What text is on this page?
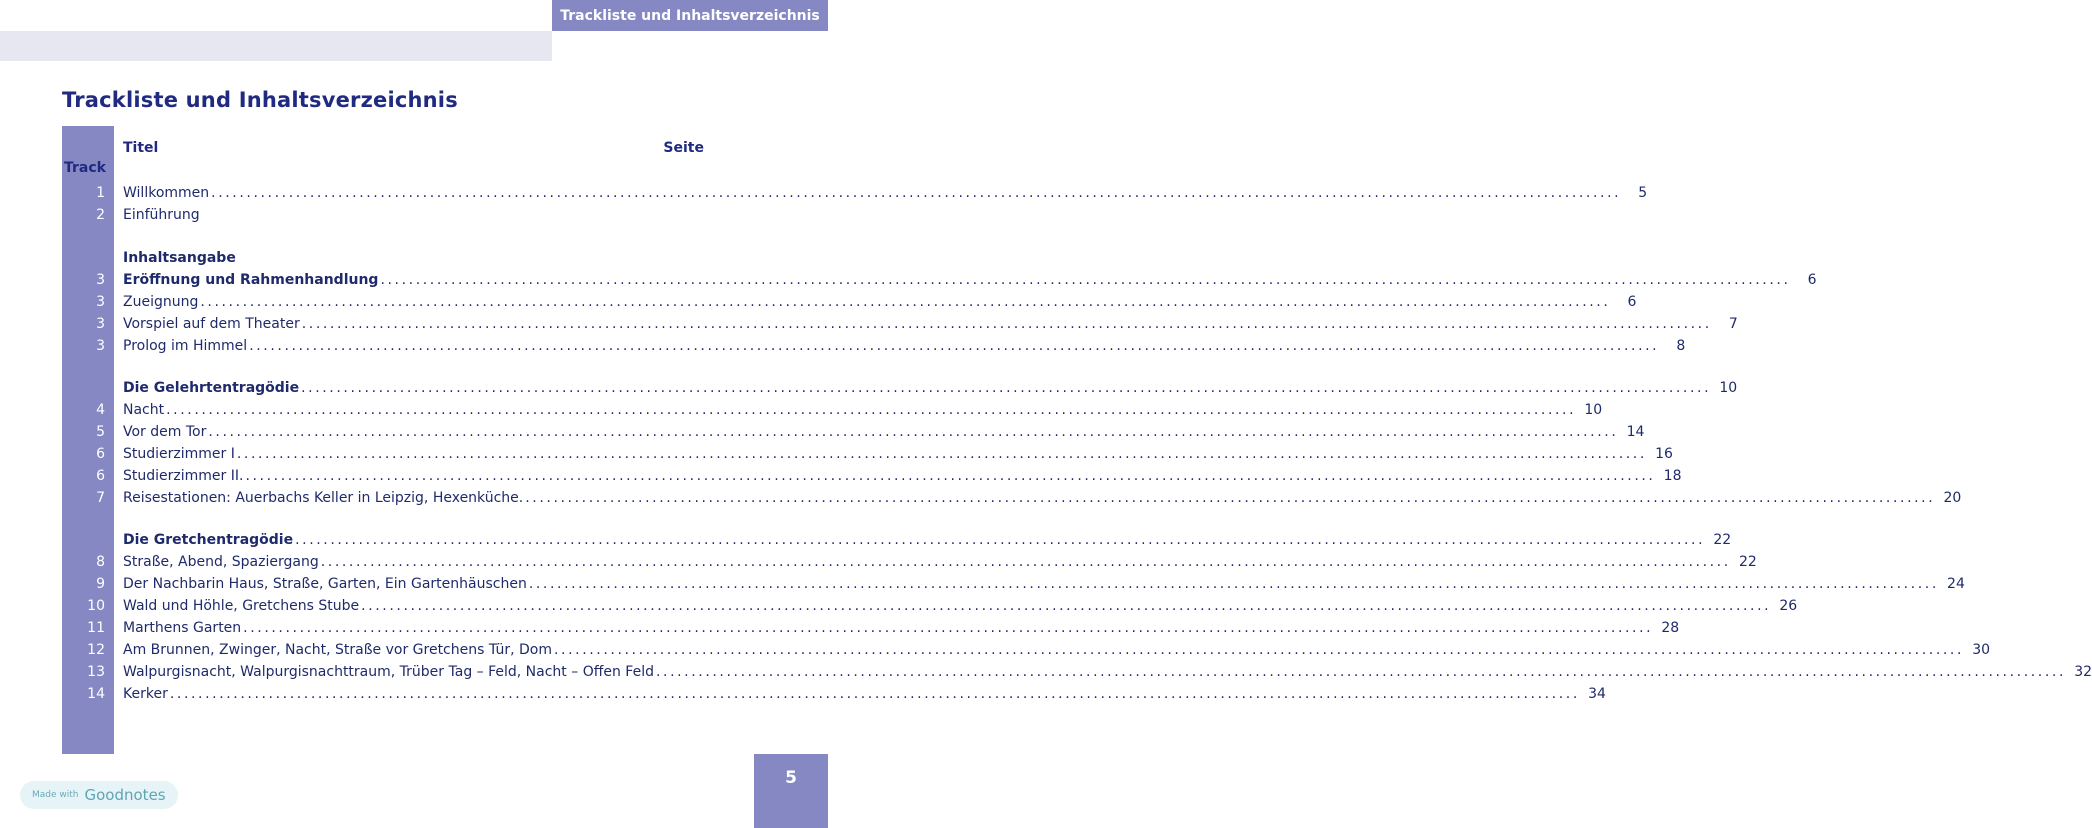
Trackliste und Inhaltsverzeichnis
Trackliste und Inhaltsverzeichnis
Track
Titel	Seite
1 Willkommen ........................................................................................................................................................................................................	5
2 Einführung
Inhaltsangabe
3 Eröffnung und Rahmenhandlung ........................................................................................................................................................................................................	6
3 Zueignung ........................................................................................................................................................................................................	6
3 Vorspiel auf dem Theater ........................................................................................................................................................................................................	7
3 Prolog im Himmel ........................................................................................................................................................................................................	8
Die Gelehrtentragödie ........................................................................................................................................................................................................ 10
4 Nacht ........................................................................................................................................................................................................ 10
5 Vor dem Tor ........................................................................................................................................................................................................ 14
6 Studierzimmer I ........................................................................................................................................................................................................ 16
6 Studierzimmer II. ........................................................................................................................................................................................................ 18
7 Reisestationen: Auerbachs Keller in Leipzig, Hexenküche. ........................................................................................................................................................................................................ 20
Die Gretchentragödie ........................................................................................................................................................................................................ 22
8 Straße, Abend, Spaziergang ........................................................................................................................................................................................................ 22
9 Der Nachbarin Haus, Straße, Garten, Ein Gartenhäuschen ........................................................................................................................................................................................................ 24
10 Wald und Höhle, Gretchens Stube ........................................................................................................................................................................................................ 26
11 Marthens Garten ........................................................................................................................................................................................................ 28
12 Am Brunnen, Zwinger, Nacht, Straße vor Gretchens Tür, Dom ........................................................................................................................................................................................................ 30
13 Walpurgisnacht, Walpurgisnachttraum, Trüber Tag – Feld, Nacht – Offen Feld ........................................................................................................................................................................................................ 32
14 Kerker ........................................................................................................................................................................................................ 34
5
Made with Goodnotes
